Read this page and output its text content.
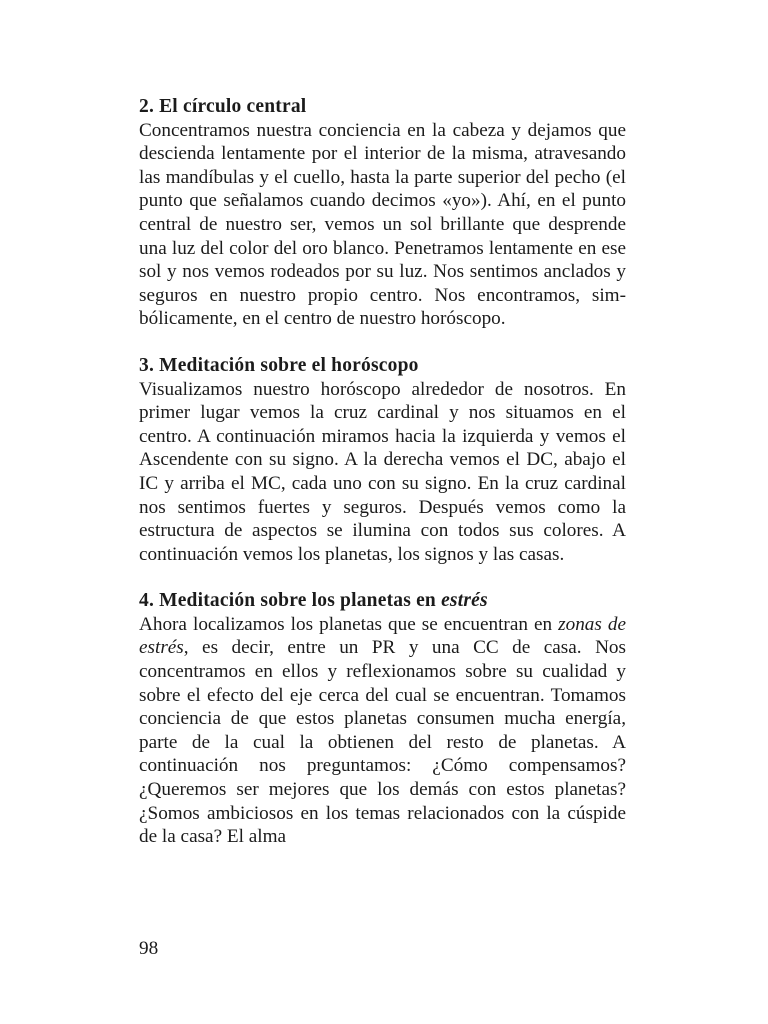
2. El círculo central

Concentramos nuestra conciencia en la cabeza y dejamos que descienda lentamente por el interior de la misma, atravesando las mandíbulas y el cuello, hasta la parte superior del pecho (el punto que señalamos cuando decimos «yo»). Ahí, en el punto central de nuestro ser, vemos un sol brillante que desprende una luz del color del oro blanco. Penetramos lentamente en ese sol y nos vemos rodeados por su luz. Nos sentimos anclados y seguros en nuestro propio centro. Nos encontramos, simbólicamente, en el centro de nuestro horóscopo.

3. Meditación sobre el horóscopo

Visualizamos nuestro horóscopo alrededor de nosotros. En primer lugar vemos la cruz cardinal y nos situamos en el centro. A continuación miramos hacia la izquierda y vemos el Ascendente con su signo. A la derecha vemos el DC, abajo el IC y arriba el MC, cada uno con su signo. En la cruz cardinal nos sentimos fuertes y seguros. Después vemos como la estructura de aspectos se ilumina con todos sus colores. A continuación vemos los planetas, los signos y las casas.

4. Meditación sobre los planetas en estrés

Ahora localizamos los planetas que se encuentran en zonas de estrés, es decir, entre un PR y una CC de casa. Nos concentramos en ellos y reflexionamos sobre su cualidad y sobre el efecto del eje cerca del cual se encuentran. Tomamos conciencia de que estos planetas consumen mucha energía, parte de la cual la obtienen del resto de planetas. A continuación nos preguntamos: ¿Cómo compensamos? ¿Queremos ser mejores que los demás con estos planetas? ¿Somos ambiciosos en los temas relacionados con la cúspide de la casa? El alma

98
